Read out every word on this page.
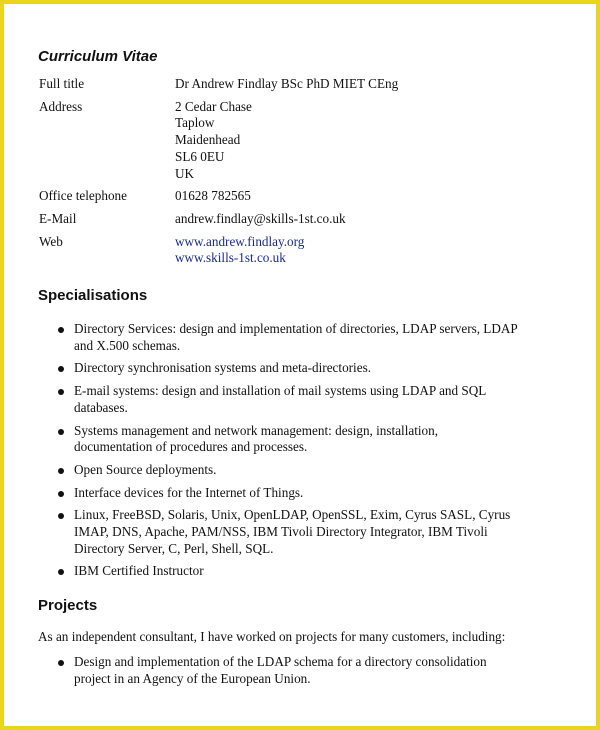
Curriculum Vitae
Full title	Dr Andrew Findlay BSc PhD MIET CEng
Address	2 Cedar Chase
Taplow
Maidenhead
SL6 0EU
UK

Office telephone	01628 782565
E-Mail	andrew.findlay@skills-1st.co.uk
Web	www.andrew.findlay.org
www.skills-1st.co.uk
Specialisations
Directory Services: design and implementation of directories, LDAP servers, LDAP
and X.500 schemas.
Directory synchronisation systems and meta-directories.
E-mail systems: design and installation of mail systems using LDAP and SQL
databases.
Systems management and network management: design, installation,
documentation of procedures and processes.
Open Source deployments.
Interface devices for the Internet of Things.
Linux, FreeBSD, Solaris, Unix, OpenLDAP, OpenSSL, Exim, Cyrus SASL, Cyrus
IMAP, DNS, Apache, PAM/NSS, IBM Tivoli Directory Integrator, IBM Tivoli
Directory Server, C, Perl, Shell, SQL.
IBM Certified Instructor
Projects

As an independent consultant, I have worked on projects for many customers, including:

Design and implementation of the LDAP schema for a directory consolidation
project in an Agency of the European Union.
